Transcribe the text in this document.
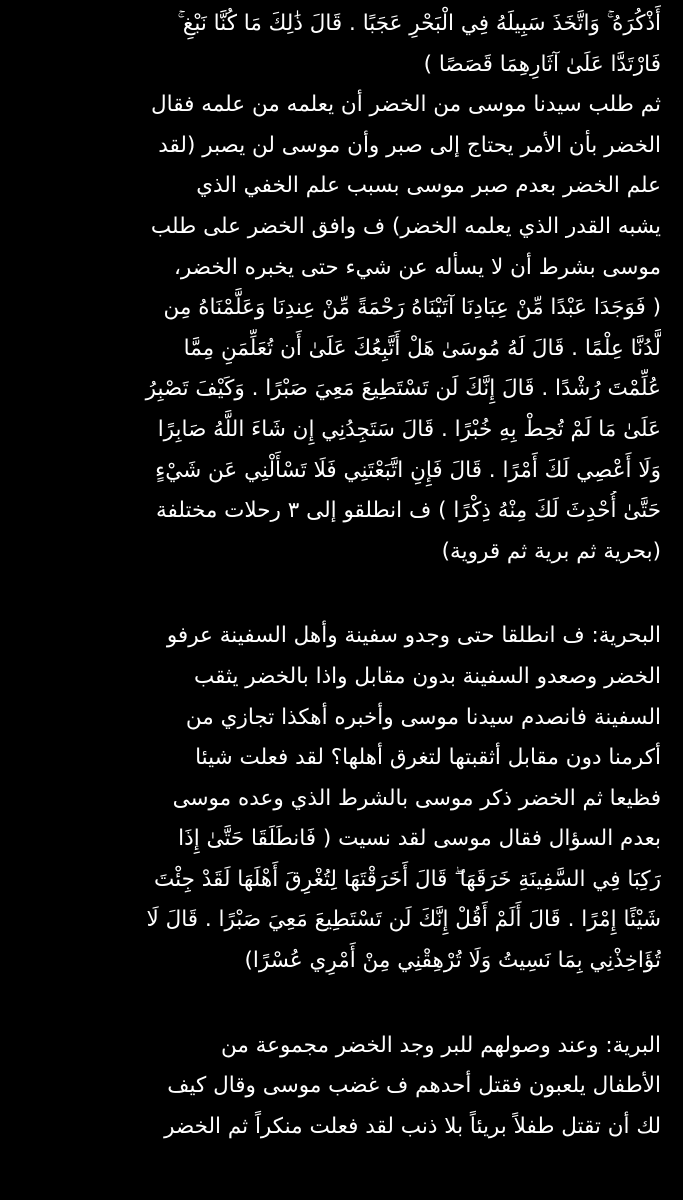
أَذْكُرَهُ ۚ وَاتَّخَذَ سَبِيلَهُ فِي الْبَحْرِ عَجَبًا . قَالَ ذَٰلِكَ مَا كُنَّا نَبْغِ ۚ
فَارْتَدَّا عَلَىٰ آثَارِهِمَا قَصَصًا )
ثم طلب سيدنا موسى من الخضر أن يعلمه من علمه فقال
الخضر بأن الأمر يحتاج إلى صبر وأن موسى لن يصبر (لقد
علم الخضر بعدم صبر موسى بسبب علم الخفي الذي
يشبه القدر الذي يعلمه الخضر) ف وافق الخضر على طلب
موسى بشرط أن لا يسأله عن شيء حتى يخبره الخضر،
( فَوَجَدَا عَبْدًا مِّنْ عِبَادِنَا آتَيْنَاهُ رَحْمَةً مِّنْ عِندِنَا وَعَلَّمْنَاهُ مِن
لَّدُنَّا عِلْمًا . قَالَ لَهُ مُوسَىٰ هَلْ أَتَّبِعُكَ عَلَىٰ أَن تُعَلِّمَنِ مِمَّا
عُلِّمْتَ رُشْدًا . قَالَ إِنَّكَ لَن تَسْتَطِيعَ مَعِيَ صَبْرًا . وَكَيْفَ تَصْبِرُ
عَلَىٰ مَا لَمْ تُحِطْ بِهِ خُبْرًا . قَالَ سَتَجِدُنِي إِن شَاءَ اللَّهُ صَابِرًا
وَلَا أَعْصِي لَكَ أَمْرًا . قَالَ فَإِنِ اتَّبَعْتَنِي فَلَا تَسْأَلْنِي عَن شَيْءٍ
حَتَّىٰ أُحْدِثَ لَكَ مِنْهُ ذِكْرًا ) ف انطلقو إلى ٣ رحلات مختلفة
(بحرية ثم برية ثم قروية)

البحرية: ف انطلقا حتى وجدو سفينة وأهل السفينة عرفو
الخضر وصعدو السفينة بدون مقابل واذا بالخضر يثقب
السفينة فانصدم سيدنا موسى وأخبره أهكذا تجازي من
أكرمنا دون مقابل أثقبتها لتغرق أهلها؟ لقد فعلت شيئا
فظيعا ثم الخضر ذكر موسى بالشرط الذي وعده موسى
بعدم السؤال فقال موسى لقد نسيت ( فَانطَلَقَا حَتَّىٰ إِذَا
رَكِبَا فِي السَّفِينَةِ خَرَقَهَا ۖ قَالَ أَخَرَقْتَهَا لِتُغْرِقَ أَهْلَهَا لَقَدْ جِئْتَ
شَيْئًا إِمْرًا . قَالَ أَلَمْ أَقُلْ إِنَّكَ لَن تَسْتَطِيعَ مَعِيَ صَبْرًا . قَالَ لَا
تُؤَاخِذْنِي بِمَا نَسِيتُ وَلَا تُرْهِقْنِي مِنْ أَمْرِي عُسْرًا)

البرية: وعند وصولهم للبر وجد الخضر مجموعة من
الأطفال يلعبون فقتل أحدهم ف غضب موسى وقال كيف
لك أن تقتل طفلاً بريئاً بلا ذنب لقد فعلت منكراً ثم الخضر
